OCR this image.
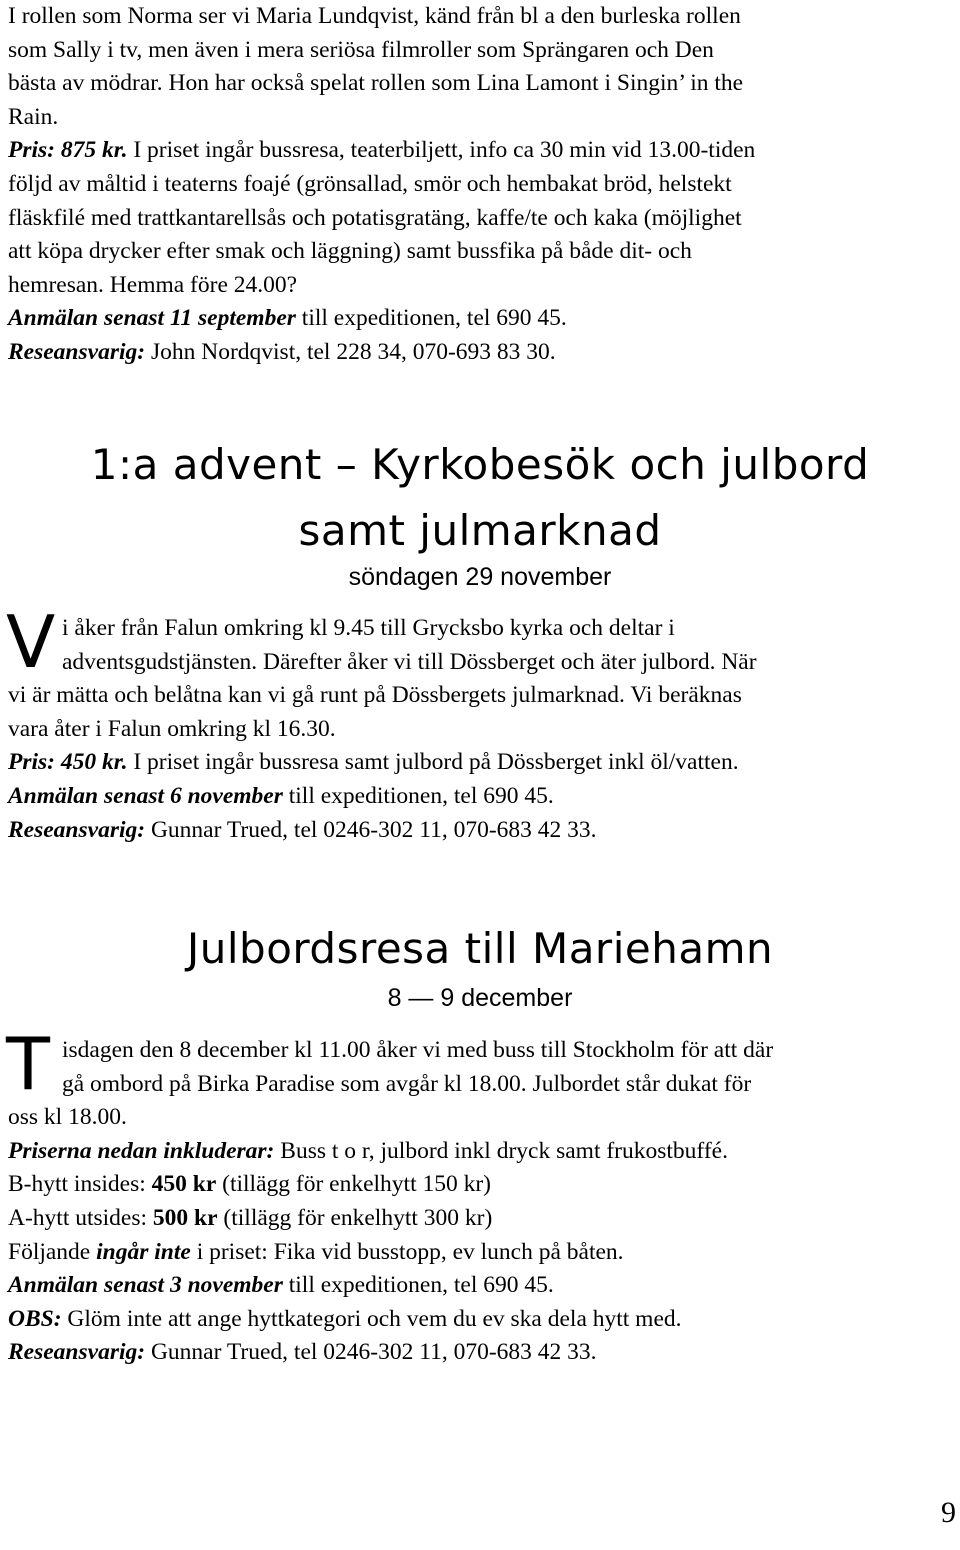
I rollen som Norma ser vi Maria Lundqvist, känd från bl a den burleska rollen

som Sally i tv, men även i mera seriösa filmroller som Sprängaren och Den

bästa av mödrar. Hon har också spelat rollen som Lina Lamont i Singin’ in the

Rain.

Pris: 875 kr. I priset ingår bussresa, teaterbiljett, info ca 30 min vid 13.00-tiden

följd av måltid i teaterns foajé (grönsallad, smör och hembakat bröd, helstekt

fläskfilé med trattkantarellsås och potatisgratäng, kaffe/te och kaka (möjlighet

att köpa drycker efter smak och läggning) samt bussfika på både dit- och

hemresan. Hemma före 24.00?

Anmälan senast 11 september till expeditionen, tel 690 45.

Reseansvarig: John Nordqvist, tel 228 34, 070-693 83 30.

1:a advent – Kyrkobesök och julbord
samt julmarknad
söndagen 29 november
V i åker från Falun omkring kl 9.45 till Grycksbo kyrka och deltar i

adventsgudstjänsten. Därefter åker vi till Dössberget och äter julbord. När

vi är mätta och belåtna kan vi gå runt på Dössbergets julmarknad. Vi beräknas

vara åter i Falun omkring kl 16.30.

Pris: 450 kr. I priset ingår bussresa samt julbord på Dössberget inkl öl/vatten.

Anmälan senast 6 november till expeditionen, tel 690 45.

Reseansvarig: Gunnar Trued, tel 0246-302 11, 070-683 42 33.

Julbordsresa till Mariehamn
8 — 9 december
T isdagen den 8 december kl 11.00 åker vi med buss till Stockholm för att där

gå ombord på Birka Paradise som avgår kl 18.00. Julbordet står dukat för

oss kl 18.00.

Priserna nedan inkluderar: Buss t o r, julbord inkl dryck samt frukostbuffé.

B-hytt insides: 450 kr (tillägg för enkelhytt 150 kr)

A-hytt utsides: 500 kr (tillägg för enkelhytt 300 kr)

Följande ingår inte i priset: Fika vid busstopp, ev lunch på båten.

Anmälan senast 3 november till expeditionen, tel 690 45.

OBS: Glöm inte att ange hyttkategori och vem du ev ska dela hytt med.

Reseansvarig: Gunnar Trued, tel 0246-302 11, 070-683 42 33.

9
